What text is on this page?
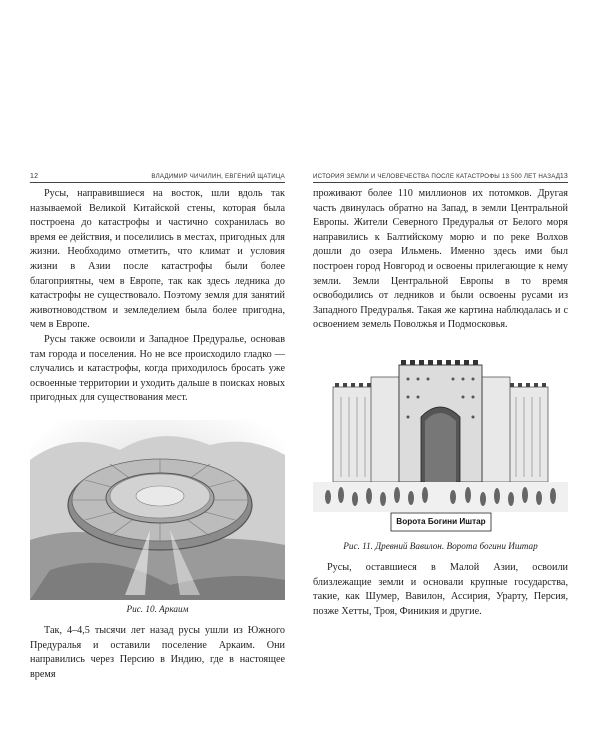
12	ВЛАДИМИР ЧИЧИЛИН, ЕВГЕНИЙ ЩАТИЦА

Русы, направившиеся на восток, шли вдоль так называемой Великой Китайской стены, которая была построена до катастрофы и частично сохранилась во время ее действия, и поселились в местах, пригодных для жизни. Необходимо отметить, что климат и условия жизни в Азии после катастрофы были более благоприятны, чем в Европе, так как здесь ледника до катастрофы не существовало. Поэтому земля для занятий животноводством и земледелием была более пригодна, чем в Европе.

Русы также освоили и Западное Предуралье, основав там города и поселения. Но не все происходило гладко — случались и катастрофы, когда приходилось бросать уже освоенные территории и уходить дальше в поисках новых пригодных для существования мест.

Рис. 10. Аркаим

Так, 4–4,5 тысячи лет назад русы ушли из Южного Предуралья и оставили поселение Аркаим. Они направились через Персию в Индию, где в настоящее время

ИСТОРИЯ ЗЕМЛИ И ЧЕЛОВЕЧЕСТВА ПОСЛЕ КАТАСТРОФЫ 13 500 ЛЕТ НАЗАД 13

проживают более 110 миллионов их потомков. Другая часть двинулась обратно на Запад, в земли Центральной Европы. Жители Северного Предуралья от Белого моря направились к Балтийскому морю и по реке Волхов дошли до озера Ильмень. Именно здесь ими был построен город Новгород и освоены прилегающие к нему земли. Земли Центральной Европы в то время освободились от ледников и были освоены русами из Западного Предуралья. Такая же картина наблюдалась и с освоением земель Поволжья и Подмосковья.

Ворота Богини Иштар
Рис. 11. Древний Вавилон. Ворота богини Иштар

Русы, оставшиеся в Малой Азии, освоили близлежащие земли и основали крупные государства, такие, как Шумер, Вавилон, Ассирия, Урарту, Персия, позже Хетты, Троя, Финикия и другие.
